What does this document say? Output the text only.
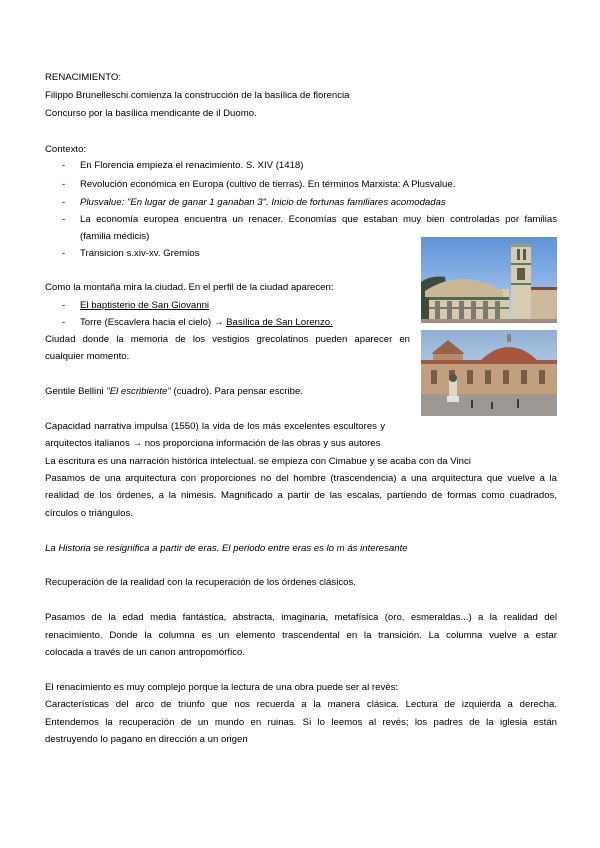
RENACIMIENTO:
Filippo Brunelleschi comienza la construcción de la basílica de florencia
Concurso por la basílica mendicante de il Duomo.
Contexto:
- En Florencia empieza el renacimiento. S. XIV (1418)
- Revolución económica en Europa (cultivo de tierras). En términos Marxista: A Plusvalue.
- Plusvalue: "En lugar de ganar 1 ganaban 3". Inicio de fortunas familiares acomodadas
- La economía europea encuentra un renacer. Economías que estaban muy bien controladas por familias
(familia médicis)
- Transicion s.xiv-xv. Gremios
Como la montaña mira la ciudad. En el perfil de la ciudad aparecen:
- El baptisterio de San Giovanni
- Torre (Escavlera hacia el cielo) → Basílica de San Lorenzo.
Ciudad donde la memoria de los vestigios grecolatinos pueden aparecer en
cualquier momento.
Gentile Bellini "El escribiente" (cuadro). Para pensar escribe.
Capacidad narrativa impulsa (1550) la vida de los más excelentes escultores y
arquitectos italianos → nos proporciona información de las obras y sus autores
La escritura es una narración histórica intelectual. se empieza con Cimabue y se acaba con da Vinci
Pasamos de una arquitectura con proporciones no del hombre (trascendencia) a una arquitectura que vuelve a la
realidad de los órdenes, a la nimesis. Magnificado a partir de las escalas, partiendo de formas como cuadrados,
círculos o triángulos.
La Historia se resignifica a partir de eras. El periodo entre eras es lo m ás interesante
Recuperación de la realidad con la recuperación de los órdenes clásicos.
Pasamos de la edad media fantástica, abstracta, imaginaria, metafísica (oro, esmeraldas...) a la realidad del
renacimiento. Donde la columna es un elemento trascendental en la transición. La columna vuelve a estar
colocada a través de un canon antropomórfico.
El renacimiento es muy complejo porque la lectura de una obra puede ser al revés:
Características del arco de triunfo que nos recuerda a la manera clásica. Lectura de izquierda a derecha.
Entendemos la recuperación de un mundo en ruinas. Si lo leemos al revés; los padres de la iglesia están
destruyendo lo pagano en dirección a un origen
